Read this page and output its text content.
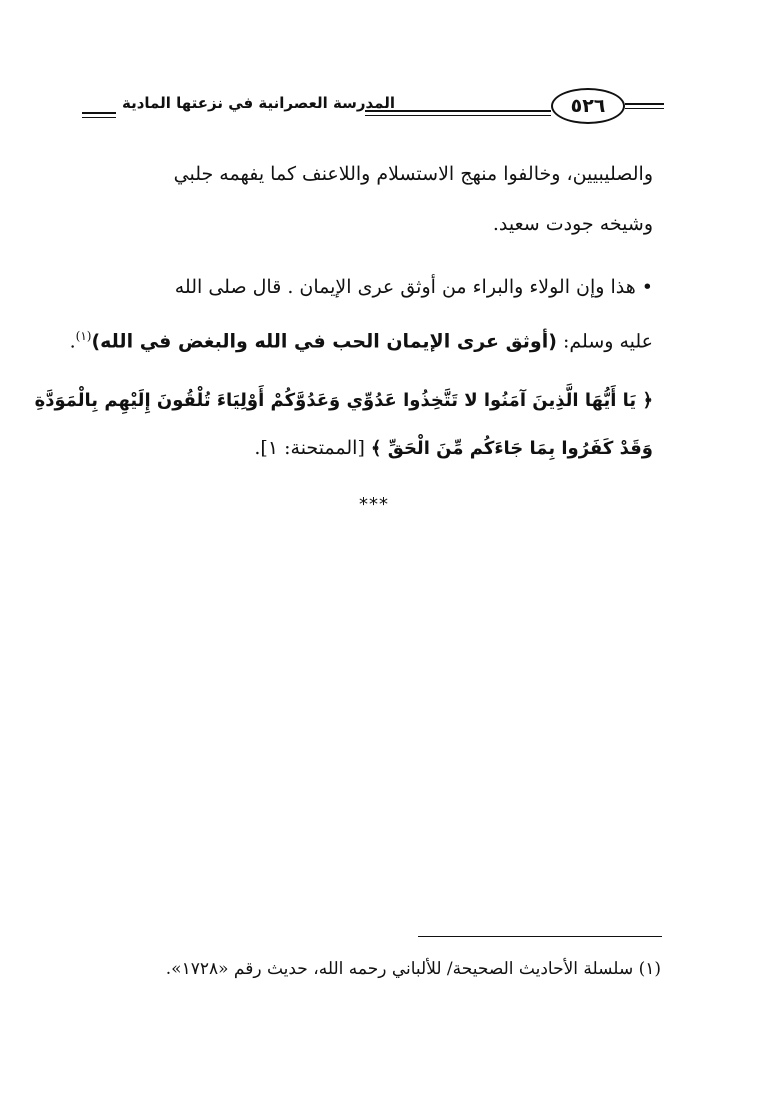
المدرسة العصرانية في نزعتها المادية	٥٢٦
والصليبيين، وخالفوا منهج الاستسلام واللاعنف كما يفهمه جلبي
وشيخه جودت سعيد.
• هذا وإن الولاء والبراء من أوثق عرى الإيمان . قال صلى الله
عليه وسلم: (أوثق عرى الإيمان الحب في الله والبغض في الله)$^{(١)}$.
﴿ يَا أَيُّهَا الَّذِينَ آمَنُوا لا تَتَّخِذُوا عَدُوِّي وَعَدُوَّكُمْ أَوْلِيَاءَ تُلْقُونَ إِلَيْهِم بِالْمَوَدَّةِ
وَقَدْ كَفَرُوا بِمَا جَاءَكُم مِّنَ الْحَقِّ ﴾ [الممتحنة: ١].
***
(١) سلسلة الأحاديث الصحيحة/ للألباني رحمه الله، حديث رقم «١٧٢٨».
